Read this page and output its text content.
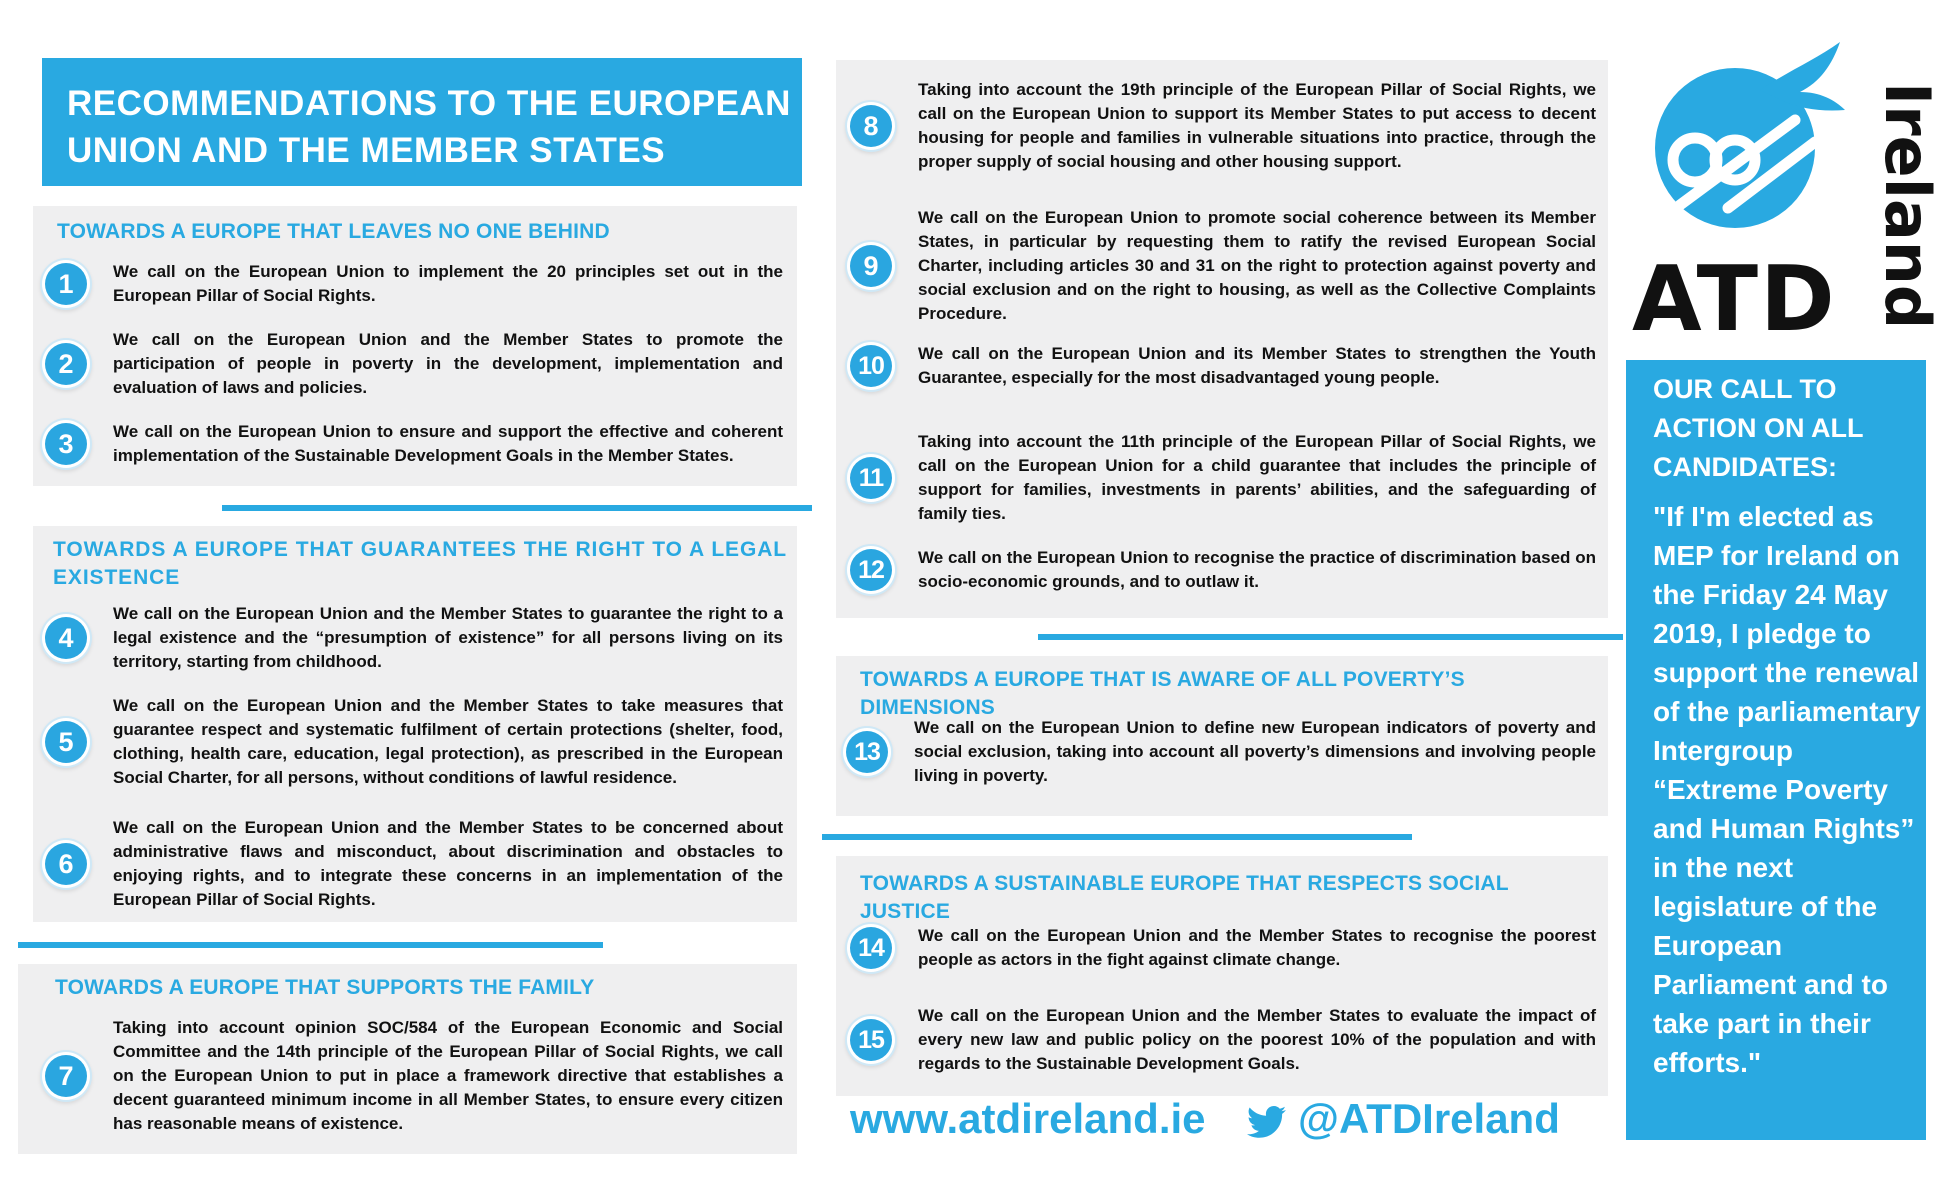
RECOMMENDATIONS TO THE EUROPEAN UNION AND THE MEMBER STATES
TOWARDS A EUROPE THAT LEAVES NO ONE BEHIND
1	We call on the European Union to implement the 20 principles set out in the European Pillar of Social Rights.
2
We call on the European Union and the Member States to promote the participation of people in poverty in the development, implementation and evaluation of laws and policies.
3	We call on the European Union to ensure and support the effective and coherent implementation of the Sustainable Development Goals in the Member States.
TOWARDS A EUROPE THAT GUARANTEES THE RIGHT TO A LEGAL EXISTENCE
4
We call on the European Union and the Member States to guarantee the right to a legal existence and the “presumption of existence” for all persons living on its territory, starting from childhood.
5
We call on the European Union and the Member States to take measures that guarantee respect and systematic fulfilment of certain protections (shelter, food, clothing, health care, education, legal protection), as prescribed in the European Social Charter, for all persons, without conditions of lawful residence.
6
We call on the European Union and the Member States to be concerned about administrative flaws and misconduct, about discrimination and obstacles to enjoying rights, and to integrate these concerns in an implementation of the European Pillar of Social Rights.
TOWARDS A EUROPE THAT SUPPORTS THE FAMILY
7
Taking into account opinion SOC/584 of the European Economic and Social Committee and the 14th principle of the European Pillar of Social Rights, we call on the European Union to put in place a framework directive that establishes a decent guaranteed minimum income in all Member States, to ensure every citizen has reasonable means of existence.
8
Taking into account the 19th principle of the European Pillar of Social Rights, we call on the European Union to support its Member States to put access to decent housing for people and families in vulnerable situations into practice, through the proper supply of social housing and other housing support.
9
We call on the European Union to promote social coherence between its Member States, in particular by requesting them to ratify the revised European Social Charter, including articles 30 and 31 on the right to protection against poverty and social exclusion and on the right to housing, as well as the Collective Complaints Procedure.
10	We call on the European Union and its Member States to strengthen the Youth Guarantee, especially for the most disadvantaged young people.
11
Taking into account the 11th principle of the European Pillar of Social Rights, we call on the European Union for a child guarantee that includes the principle of support for families, investments in parents’ abilities, and the safeguarding of family ties.
12	We call on the European Union to recognise the practice of discrimination based on socio-economic grounds, and to outlaw it.
TOWARDS A EUROPE THAT IS AWARE OF ALL POVERTY’S DIMENSIONS
13
We call on the European Union to define new European indicators of poverty and social exclusion, taking into account all poverty’s dimensions and involving people living in poverty.
TOWARDS A SUSTAINABLE EUROPE THAT RESPECTS SOCIAL JUSTICE
14	We call on the European Union and the Member States to recognise the poorest people as actors in the fight against climate change.
15
We call on the European Union and the Member States to evaluate the impact of every new law and public policy on the poorest 10% of the population and with regards to the Sustainable Development Goals.
www.atdireland.ie @ATDIreland
ATD Ireland
OUR CALL TO ACTION ON ALL CANDIDATES:
"If I'm elected as MEP for Ireland on the Friday 24 May 2019, I pledge to support the renewal of the parliamentary Intergroup “Extreme Poverty and Human Rights” in the next legislature of the European Parliament and to take part in their efforts."
